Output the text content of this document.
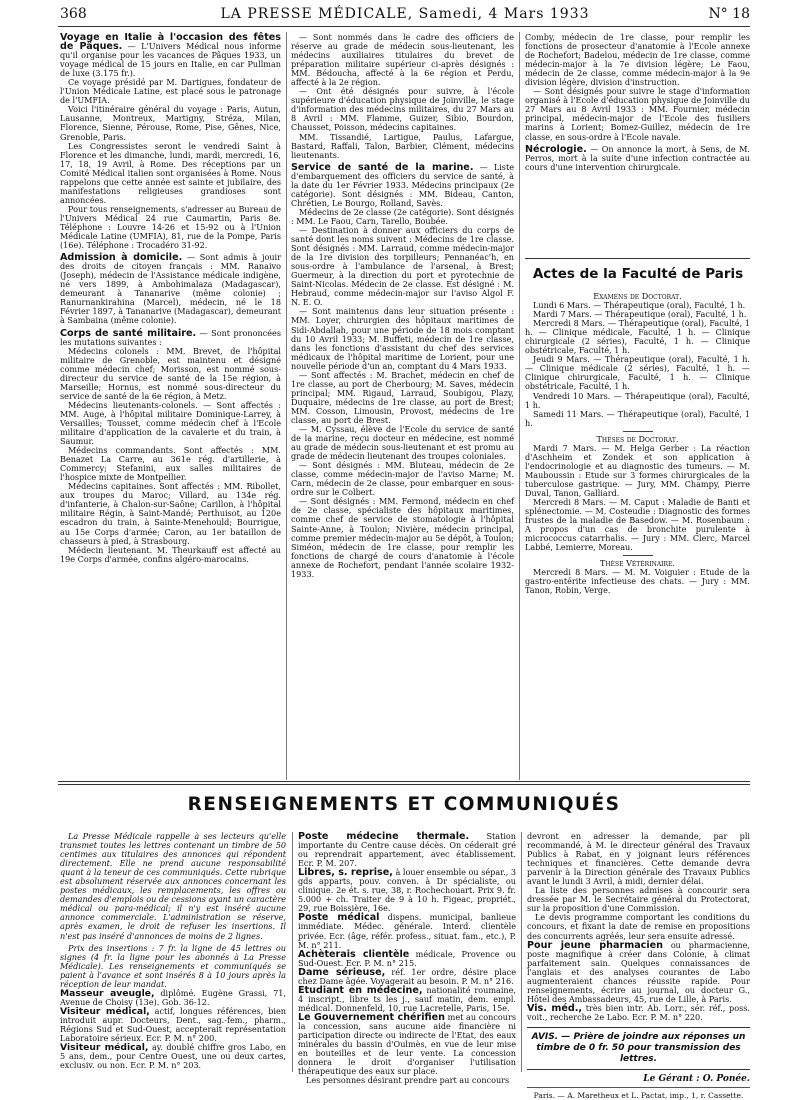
368	LA PRESSE MÉDICALE, Samedi, 4 Mars 1933	N° 18

Voyage en Italie à l'occasion des fêtes de Pâques. — L'Univers Médical nous informe qu'il organise pour les vacances de Pâques 1933, un voyage médical de 15 jours en Italie, en car Pullman de luxe (3.175 fr.).

Ce voyage présidé par M. Dartigues, fondateur de l'Union Médicale Latine, est placé sous le patronage de l'UMFIA.

Voici l'itinéraire général du voyage : Paris, Autun, Lausanne, Montreux, Martigny, Stréza, Milan, Florence, Sienne, Pérouse, Rome, Pise, Gênes, Nice, Grenoble, Paris.

Les Congressistes seront le vendredi Saint à Florence et les dimanche, lundi, mardi, mercredi, 16, 17, 18, 19 Avril, à Rome. Des réceptions par un Comité Médical italien sont organisées à Rome. Nous rappelons que cette année est sainte et jubilaire, des manifestations religieuses grandioses sont annoncées.

Pour tous renseignements, s'adresser au Bureau de l'Univers Médical 24 rue Caumartin, Paris 8e. Téléphone : Louvre 14-26 et 15-92 ou à l'Union Médicale Latine (UMFIA), 81, rue de la Pompe, Paris (16e). Téléphone : Trocadéro 31-92.

Admission à domicile. — Sont admis à jouir des droits de citoyen français : MM. Ranaivo (Joseph), médecin de l'Assistance médicale indigène, né vers 1899, à Ambohimalaza (Madagascar), demeurant à Tananarive (même colonie) ; Ranurnankirahina (Marcel), médecin, né le 18 Février 1897, à Tananarive (Madagascar), demeurant à Sambaina (même colonie).

Corps de santé militaire. — Sont prononcées les mutations suivantes :

Médecins colonels : MM. Brevet, de l'hôpital militaire de Grenoble, est maintenu et désigné comme médecin chef; Morisson, est nommé sous-directeur du service de santé de la 15e région, à Marseille; Hornus, est nommé sous-directeur du service de santé de la 6e région, à Metz.

Médecins lieutenants-colonels. — Sont affectés : MM. Auge, à l'hôpital militaire Dominique-Larrey, à Versailles; Tousset, comme médecin chef à l'Ecole militaire d'application de la cavalerie et du train, à Saumur.

Médecins commandants. Sont affectés : MM. Benazet La Carre, au 361e rég. d'artillerie, à Commercy; Stefanini, aux salles militaires de l'hospice mixte de Montpellier.

Médecins capitaines. Sont affectés : MM. Ribollet, aux troupes du Maroc; Villard, au 134e rég. d'infanterie, à Chalon-sur-Saône; Carillon, à l'hôpital militaire Régin, à Saint-Mandé; Perthuisot, au 120e escadron du train, à Sainte-Menehould; Bourrigue, au 15e Corps d'armée; Caron, au 1er bataillon de chasseurs à pied, à Strasbourg.

Médecin lieutenant. M. Theurkauff est affecté au 19e Corps d'armée, confins algéro-marocains.

— Sont nommés dans le cadre des officiers de réserve au grade de médecin sous-lieutenant, les médecins auxiliaires titulaires du brevet de préparation militaire supérieur ci-après désignés : MM. Bédoucha, affecté à la 6e région et Perdu, affecté à la 2e région.

— Ont été désignés pour suivre, à l'école supérieure d'éducation physique de Joinville, le stage d'information des médecins militaires, du 27 Mars au 8 Avril : MM. Flamme, Guizer, Sibio, Bourdon, Chausset, Poisson, médecins capitaines.

MM. Tissandié, Lartigue, Paulus, Lafargue, Bastard, Raffali, Talon, Barbier, Clément, médecins lieutenants.

Service de santé de la marine. — Liste d'embarquement des officiers du service de santé, à la date du 1er Février 1933. Médecins principaux (2e catégorie). Sont désignés : MM. Bideau, Canton, Chrétien, Le Bourgo, Rolland, Savès.

Médecins de 2e classe (2e catégorie). Sont désignés : MM. Le Faou, Carn, Tarello, Boubée.

— Destination à donner aux officiers du corps de santé dont les noms suivent : Médecins de 1re classe. Sont désignés : MM. Larraud, comme médecin-major de la 1re division des torpilleurs; Pennanéac'h, en sous-ordre à l'ambulance de l'arsenal, à Brest; Guermeur, à la direction du port et pyrotechnie de Saint-Nicolas. Médecin de 2e classe. Est désigné : M. Hebraud, comme médecin-major sur l'aviso Algol F. N. E. O.

— Sont maintenus dans leur situation présente : MM. Loyer, chirurgien des hôpitaux maritimes de Sidi-Abdallah, pour une période de 18 mois comptant du 10 Avril 1933; M. Buffeti, médecin de 1re classe, dans les fonctions d'assistant du chef des services médicaux de l'hôpital maritime de Lorient, pour une nouvelle période d'un an, comptant du 4 Mars 1933.

— Sont affectés : M. Brachet, médecin en chef de 1re classe, au port de Cherbourg; M. Saves, médecin principal; MM. Rigaud, Larraud, Soubigou, Plazy, Duquaire, médecins de 1re classe, au port de Brest; MM. Cosson, Limousin, Provost, médecins de 1re classe, au port de Brest.

— M. Cyssau, élève de l'Ecole du service de santé de la marine, reçu docteur en médecine, est nommé au grade de médecin sous-lieutenant et est promu au grade de médecin lieutenant des troupes coloniales.

— Sont désignés : MM. Bluteau, médecin de 2e classe, comme médecin-major de l'aviso Marne; M. Carn, médecin de 2e classe, pour embarquer en sous-ordre sur le Colbert.

— Sont désignés : MM. Fermond, médecin en chef de 2e classe, spécialiste des hôpitaux maritimes, comme chef de service de stomatologie à l'hôpital Sainte-Anne, à Toulon; Nivière, médecin principal, comme premier médecin-major au 5e dépôt, à Toulon; Siméon, médecin de 1re classe, pour remplir les fonctions de chargé de cours d'anatomie à l'école annexe de Rochefort, pendant l'année scolaire 1932-1933.

Comby, médecin de 1re classe, pour remplir les fonctions de prosecteur d'anatomie à l'Ecole annexe de Rochefort; Badelou, médecin de 1re classe, comme médecin-major à la 7e division légère; Le Faou, médecin de 2e classe, comme médecin-major à la 9e division légère, division d'instruction.

— Sont désignés pour suivre le stage d'information organisé à l'Ecole d'éducation physique de Joinville du 27 Mars au 8 Avril 1933 : MM. Fournier, médecin principal, médecin-major de l'Ecole des fusiliers marins à Lorient; Bomez-Guillez, médecin de 1re classe, en sous-ordre à l'Ecole navale.

Nécrologie. — On annonce la mort, à Sens, de M. Perros, mort à la suite d'une infection contractée au cours d'une intervention chirurgicale.

Actes de la Faculté de Paris

Examens de Doctorat.

Lundi 6 Mars. — Thérapeutique (oral), Faculté, 1 h.

Mardi 7 Mars. — Thérapeutique (oral), Faculté, 1 h.

Mercredi 8 Mars. — Thérapeutique (oral), Faculté, 1 h. — Clinique médicale, Faculté, 1 h. — Clinique chirurgicale (2 séries), Faculté, 1 h. — Clinique obstétricale, Faculté, 1 h.

Jeudi 9 Mars. — Thérapeutique (oral), Faculté, 1 h. — Clinique médicale (2 séries), Faculté, 1 h. — Clinique chirurgicale, Faculté, 1 h. — Clinique obstétricale, Faculté, 1 h.

Vendredi 10 Mars. — Thérapeutique (oral), Faculté, 1 h.

Samedi 11 Mars. — Thérapeutique (oral), Faculté, 1 h.

Thèses de Doctorat.

Mardi 7 Mars. — M. Helga Gerber : La réaction d'Aschheim et Zondek et son application à l'endocrinologie et au diagnostic des tumeurs. — M. Mauboussin : Etude sur 3 formes chirurgicales de la tuberculose gastrique. — Jury, MM. Champy, Pierre Duval, Tanon, Galliard.

Mercredi 8 Mars. — M. Caput : Maladie de Banti et splénectomie. — M. Costeudie : Diagnostic des formes frustes de la maladie de Basedow. — M. Rosenbaum : A propos d'un cas de bronchite purulente à micrococcus catarrhalis. — Jury : MM. Clerc, Marcel Labbé, Lemierre, Moreau.

Thèse Vétérinaire.

Mercredi 8 Mars. — M. M. Voiguier : Etude de la gastro-entérite infectieuse des chats. — Jury : MM. Tanon, Robin, Verge.

RENSEIGNEMENTS ET COMMUNIQUÉS

La Presse Médicale rappelle à ses lecteurs qu'elle transmet toutes les lettres contenant un timbre de 50 centimes aux titulaires des annonces qui répondent directement. Elle ne prend aucune responsabilité quant à la teneur de ces communiqués. Cette rubrique est absolument réservée aux annonces concernant les postes médicaux, les remplacements, les offres ou demandes d'emplois ou de cessions ayant un caractère médical ou para-médical; il n'y est inséré aucune annonce commerciale. L'administration se réserve, après examen, le droit de refuser les insertions. Il n'est pas inséré d'annonces de moins de 2 lignes.

Prix des insertions : 7 fr. la ligne de 45 lettres ou signes (4 fr. la ligne pour les abonnés à La Presse Médicale). Les renseignements et communiqués se paient à l'avance et sont insérés 8 à 10 jours après la réception de leur mandat.

Masseur aveugle, diplômé. Eugène Grassi, 71, Avenue de Choisy (13e). Gob. 36-12.

Visiteur médical, actif, longues références, bien introduit aupr. Docteurs, Dent., sag.-fem., pharm., Régions Sud et Sud-Ouest, accepterait représentation Laboratoire sérieux. Ecr. P. M. n° 200.

Visiteur médical, ay. doublé chiffre gros Labo, en 5 ans, dem., pour Centre Ouest, une ou deux cartes, exclusiv. ou non. Ecr. P. M. n° 203.

Poste médecine thermale. Station importante du Centre cause décès. On céderait gré ou reprendrait appartement, avec établissement. Ecr. P. M. 207.

Libres, s. reprise, à louer ensemble ou sépar., 3 gds apparts, pouv. conven. à Dr spécialiste, ou clinique. 2e ét. s. rue, 38, r. Rochechouart. Prix 9. fr. 5.000 + ch. Traiter de 9 à 10 h. Figeac, propriét., 29, rue Boissière, 16e.

Poste médical dispens. municipal, banlieue immédiate. Médec. générale. Interd. clientèle privée. Ecr. (âge, référ. profess., situat. fam., etc.), P. M. n° 211.

Achèterais clientèle médicale, Provence ou Sud-Ouest. Ecr. P. M. n° 215.

Dame sérieuse, réf. 1er ordre, désire place chez Dame âgée. Voyagerait au besoin. P. M. n° 216.

Etudiant en médecine, nationalité roumaine, 4 inscript., libre ts les j., sauf matin, dem. empl. médical. Donnenfeld, 10, rue Lacretelle, Paris, 15e.

Le Gouvernement chérifien met au concours la concession, sans aucune aide financière ni participation directe ou indirecte de l'Etat, des eaux minérales du bassin d'Oulmès, en vue de leur mise en bouteilles et de leur vente. La concession donnera le droit d'organiser l'utilisation thérapeutique des eaux sur place.

Les personnes désirant prendre part au concours

devront en adresser la demande, par pli recommandé, à M. le directeur général des Travaux Publics à Rabat, en y joignant leurs références techniques et financières. Cette demande devra parvenir à la Direction générale des Travaux Publics avant le lundi 3 Avril, à midi, dernier délai.

La liste des personnes admises à concourir sera dressée par M. le Secrétaire général du Protectorat, sur la proposition d'une Commission.

Le devis programme comportant les conditions du concours, et fixant la date de remise en propositions des concurrents agréés, leur sera ensuite adressé.

Pour jeune pharmacien ou pharmacienne, poste magnifique à créer dans Colonie, à climat parfaitement sain. Quelques connaissances de l'anglais et des analyses courantes de Labo augmenteraient chances réussite rapide. Pour renseignements, écrire au journal, ou docteur G., Hôtel des Ambassadeurs, 45, rue de Lille, à Paris.

Vis. méd., très bien intr. Ab. Lorr., sér. réf., poss. voit., recherche 2e Labo. Ecr. P. M. n° 220.

AVIS. — Prière de joindre aux réponses un timbre de 0 fr. 50 pour transmission des lettres.
Le Gérant : O. Ponée.
Paris. — A. Maretheux et L. Pactat, imp., 1, r. Cassette.
